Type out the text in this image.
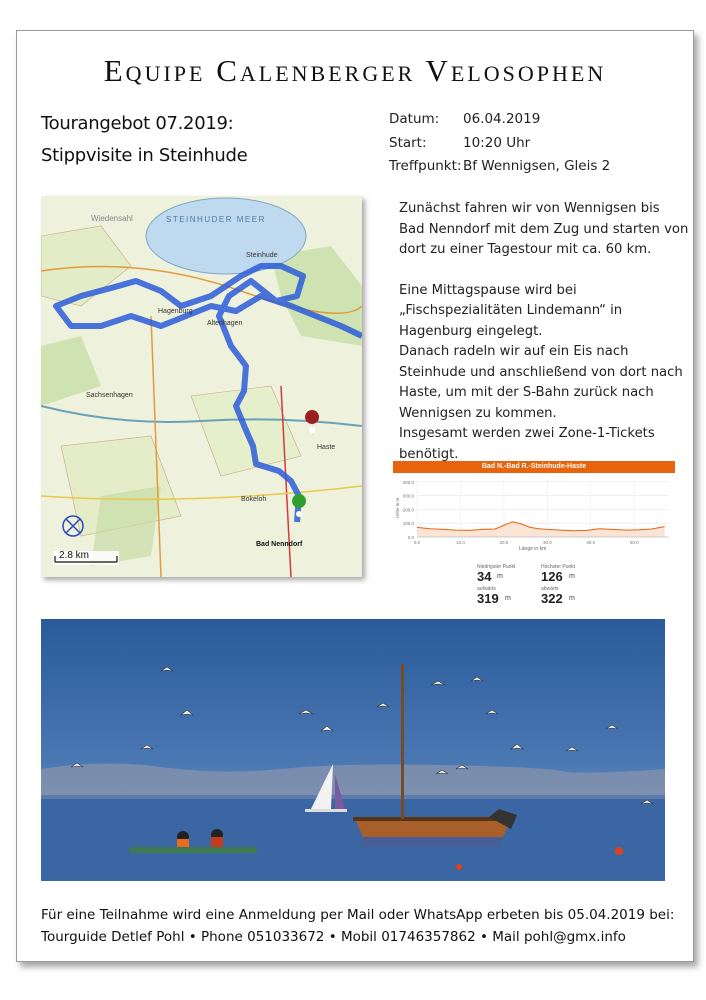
Equipe Calenberger Velosophen
Tourangebot 07.2019:
Stippvisite in Steinhude
Datum: 06.04.2019
Start:	10:20 Uhr
Treffpunkt: Bf Wennigsen, Gleis 2
Wiedensahl	STEINHUDER MEER
Steinhude
Hagenburg
Altenhagen
Sachsenhagen
Bokeloh
Haste
Bad Nenndorf
2.8 km

Zunächst fahren wir von Wennigsen bis Bad Nenndorf mit dem Zug und starten von dort zu einer Tagestour mit ca. 60 km.

Eine Mittagspause wird bei „Fischspezialitäten Lindemann“ in Hagenburg eingelegt.

Danach radeln wir auf ein Eis nach Steinhude und anschließend von dort nach Haste, um mit der S-Bahn zurück nach Wennigsen zu kommen.

Insgesamt werden zwei Zone-1-Tickets benötigt.

Bad N.-Bad R.-Steinhude-Haste
400.0
300.0
200.0
100.0
0.0
0.0	10.0	20.0	30.0	40.0	50.0
Höhe in m
Länge in km
Niedrigster Punkt
34 m
Höchster Punkt
126 m
aufwärts
319 m
abwärts
322 m
Für eine Teilnahme wird eine Anmeldung per Mail oder WhatsApp erbeten bis 05.04.2019 bei:
Tourguide Detlef Pohl • Phone 051033672 • Mobil 01746357862 • Mail pohl@gmx.info
